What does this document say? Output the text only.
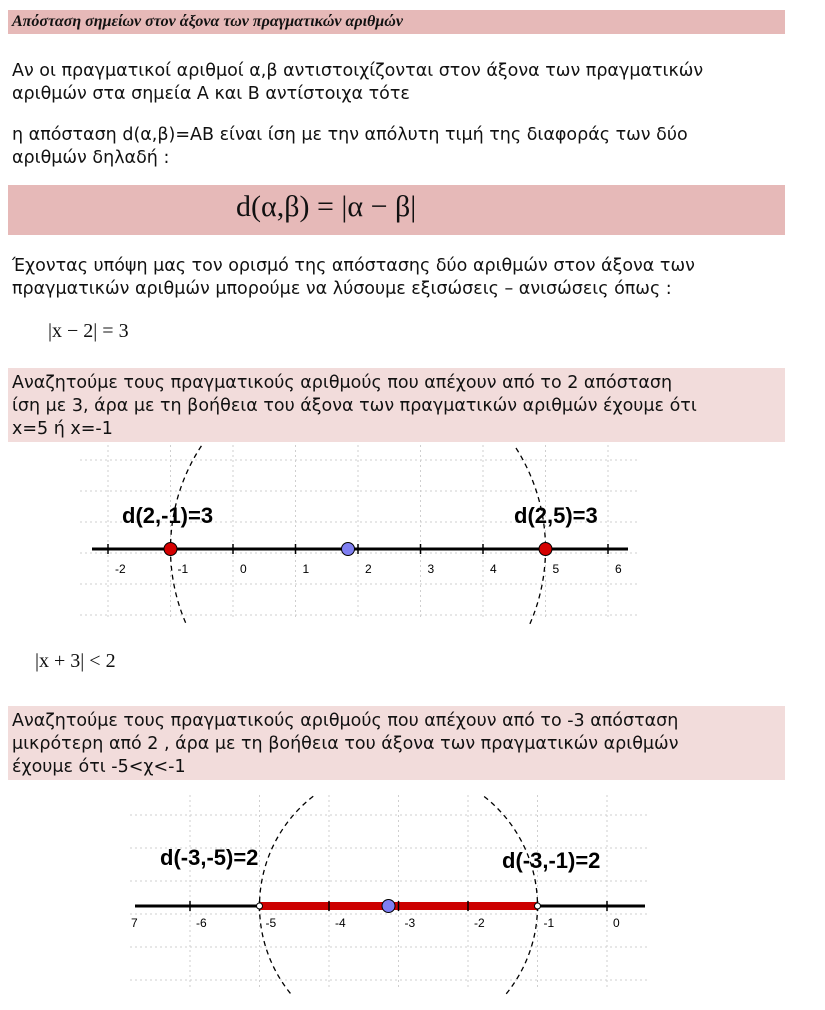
Απόσταση σημείων στον άξονα των πραγματικών αριθμών
Αν οι πραγματικοί αριθμοί α,β αντιστοιχίζονται στον άξονα των πραγματικών
αριθμών στα σημεία Α και Β αντίστοιχα τότε
η απόσταση d(α,β)=ΑΒ είναι ίση με την απόλυτη τιμή της διαφοράς των δύο
αριθμών δηλαδή :
d(α,β) = |α − β|
Έχοντας υπόψη μας τον ορισμό της απόστασης δύο αριθμών στον άξονα των
πραγματικών αριθμών μπορούμε να λύσουμε εξισώσεις – ανισώσεις όπως :
|x − 2| = 3
Αναζητούμε τους πραγματικούς αριθμούς που απέχουν από το 2 απόσταση
ίση με 3, άρα με τη βοήθεια του άξονα των πραγματικών αριθμών έχουμε ότι
x=5 ή x=-1
-2	-1	0	1	2	3	4	5	6
d(2,-1)=3	d(2,5)=3
|x + 3| < 2
Αναζητούμε τους πραγματικούς αριθμούς που απέχουν από το -3 απόσταση
μικρότερη από 2 , άρα με τη βοήθεια του άξονα των πραγματικών αριθμών
έχουμε ότι -5<χ<-1
-6	-5	-4	-3	-2	-1	0
7
d(-3,-5)=2	d(-3,-1)=2
